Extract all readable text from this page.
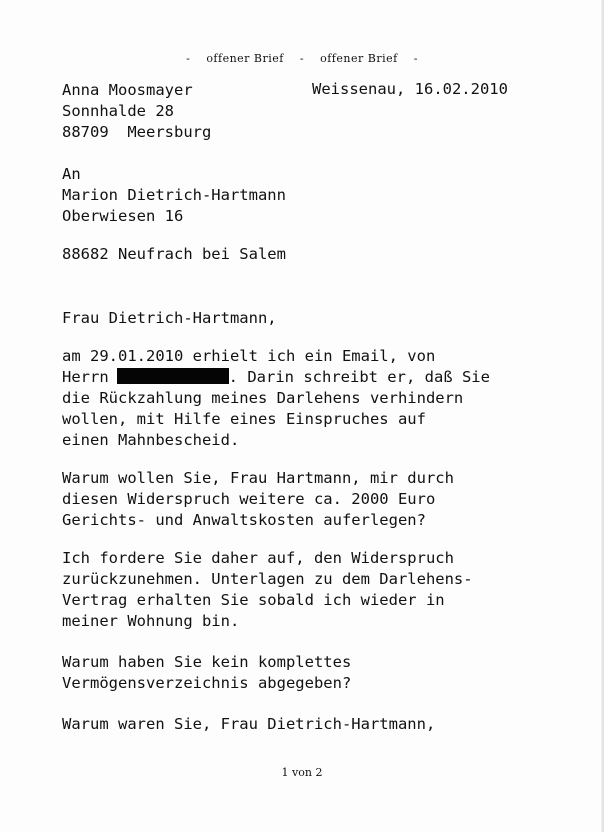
- offener Brief - offener Brief -
Anna Moosmayer
Sonnhalde 28
88709  Meersburg
Weissenau, 16.02.2010
An
Marion Dietrich-Hartmann
Oberwiesen 16
88682 Neufrach bei Salem
Frau Dietrich-Hartmann,
am 29.01.2010 erhielt ich ein Email, von
Herrn	. Darin schreibt er, daß Sie
die Rückzahlung meines Darlehens verhindern
wollen, mit Hilfe eines Einspruches auf
einen Mahnbescheid.
Warum wollen Sie, Frau Hartmann, mir durch
diesen Widerspruch weitere ca. 2000 Euro
Gerichts- und Anwaltskosten auferlegen?
Ich fordere Sie daher auf, den Widerspruch
zurückzunehmen. Unterlagen zu dem Darlehens-
Vertrag erhalten Sie sobald ich wieder in
meiner Wohnung bin.
Warum haben Sie kein komplettes
Vermögensverzeichnis abgegeben?
Warum waren Sie, Frau Dietrich-Hartmann,
1 von 2
